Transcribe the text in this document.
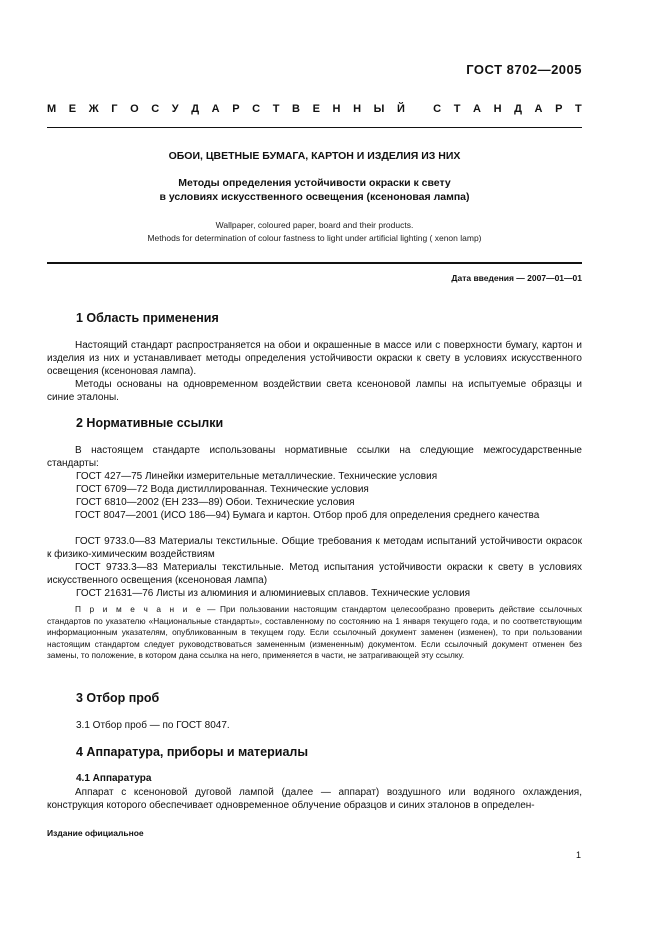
ГОСТ 8702—2005
М Е Ж Г О С У Д А Р С Т В Е Н Н Ы Й
	С Т А Н Д А Р Т
ОБОИ, ЦВЕТНЫЕ БУМАГА, КАРТОН И ИЗДЕЛИЯ ИЗ НИХ
Методы определения устойчивости окраски к свету
в условиях искусственного освещения (ксеноновая лампа)
Wallpaper, coloured paper, board and their products.
Methods for determination of colour fastness to light under artificial lighting ( xenon lamp)
Дата введения — 2007—01—01
1 Область применения

Настоящий стандарт распространяется на обои и окрашенные в массе или с поверхности бумагу, картон и изделия из них и устанавливает методы определения устойчивости окраски к свету в условиях искусственного освещения (ксеноновая лампа).

Методы основаны на одновременном воздействии света ксеноновой лампы на испытуемые образцы и синие эталоны.

2 Нормативные ссылки

В настоящем стандарте использованы нормативные ссылки на следующие межгосударственные стандарты:

ГОСТ 427—75 Линейки измерительные металлические. Технические условия
ГОСТ 6709—72 Вода дистиллированная. Технические условия
ГОСТ 6810—2002 (ЕН 233—89) Обои. Технические условия

ГОСТ 8047—2001 (ИСО 186—94) Бумага и картон. Отбор проб для определения среднего качества

ГОСТ 9733.0—83 Материалы текстильные. Общие требования к методам испытаний устойчивости окрасок к физико-химическим воздействиям

ГОСТ 9733.3—83 Материалы текстильные. Метод испытания устойчивости окраски к свету в условиях искусственного освещения (ксеноновая лампа)

ГОСТ 21631—76 Листы из алюминия и алюминиевых сплавов. Технические условия

П р и м е ч а н и е — При пользовании настоящим стандартом целесообразно проверить действие ссылочных стандартов по указателю «Национальные стандарты», составленному по состоянию на 1 января текущего года, и по соответствующим информационным указателям, опубликованным в текущем году. Если ссылочный документ заменен (изменен), то при пользовании настоящим стандартом следует руководствоваться замененным (измененным) документом. Если ссылочный документ отменен без замены, то положение, в котором дана ссылка на него, применяется в части, не затрагивающей эту ссылку.

3 Отбор проб
3.1 Отбор проб — по ГОСТ 8047.
4 Аппаратура, приборы и материалы
4.1 Аппаратура

Аппарат с ксеноновой дуговой лампой (далее — аппарат) воздушного или водяного охлаждения, конструкция которого обеспечивает одновременное облучение образцов и синих эталонов в определен-

Издание официальное
1
